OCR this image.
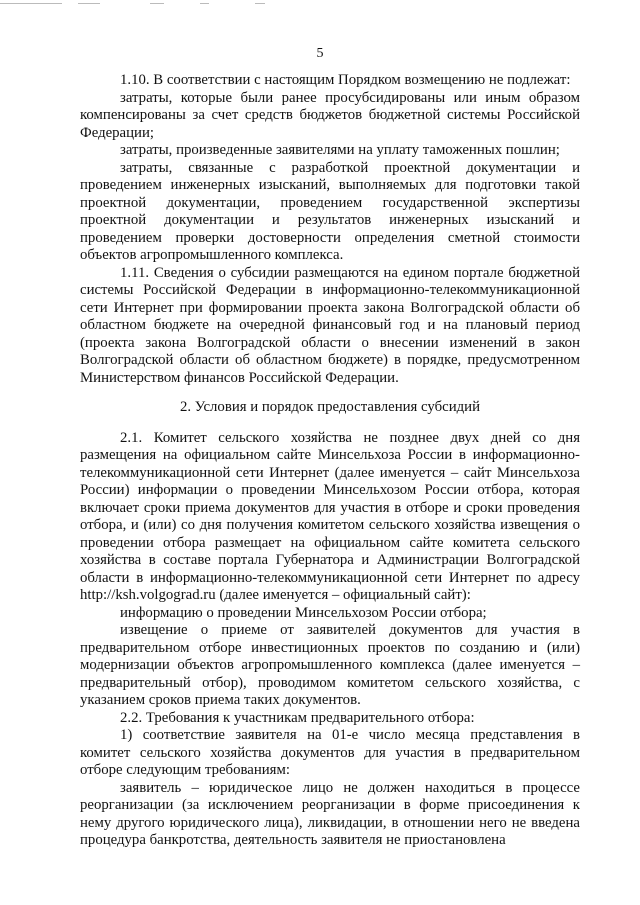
5

1.10. В соответствии с настоящим Порядком возмещению не подлежат:

затраты, которые были ранее просубсидированы или иным образом компенсированы за счет средств бюджетов бюджетной системы Российской Федерации;

затраты, произведенные заявителями на уплату таможенных пошлин;

затраты, связанные с разработкой проектной документации и проведением инженерных изысканий, выполняемых для подготовки такой проектной документации, проведением государственной экспертизы проектной документации и результатов инженерных изысканий и проведением проверки достоверности определения сметной стоимости объектов агропромышленного комплекса.

1.11. Сведения о субсидии размещаются на едином портале бюджетной системы Российской Федерации в информационно-телекоммуникационной сети Интернет при формировании проекта закона Волгоградской области об областном бюджете на очередной финансовый год и на плановый период (проекта закона Волгоградской области о внесении изменений в закон Волгоградской области об областном бюджете) в порядке, предусмотренном Министерством финансов Российской Федерации.

2. Условия и порядок предоставления субсидий

2.1. Комитет сельского хозяйства не позднее двух дней со дня размещения на официальном сайте Минсельхоза России в информационно-телекоммуникационной сети Интернет (далее именуется – сайт Минсельхоза России) информации о проведении Минсельхозом России отбора, которая включает сроки приема документов для участия в отборе и сроки проведения отбора, и (или) со дня получения комитетом сельского хозяйства извещения о проведении отбора размещает на официальном сайте комитета сельского хозяйства в составе портала Губернатора и Администрации Волгоградской области в информационно-телекоммуникационной сети Интернет по адресу http://ksh.volgograd.ru (далее именуется – официальный сайт):

информацию о проведении Минсельхозом России отбора;

извещение о приеме от заявителей документов для участия в предварительном отборе инвестиционных проектов по созданию и (или) модернизации объектов агропромышленного комплекса (далее именуется – предварительный отбор), проводимом комитетом сельского хозяйства, с указанием сроков приема таких документов.

2.2. Требования к участникам предварительного отбора:

1) соответствие заявителя на 01-е число месяца представления в комитет сельского хозяйства документов для участия в предварительном отборе следующим требованиям:

заявитель – юридическое лицо не должен находиться в процессе реорганизации (за исключением реорганизации в форме присоединения к нему другого юридического лица), ликвидации, в отношении него не введена процедура банкротства, деятельность заявителя не приостановлена
